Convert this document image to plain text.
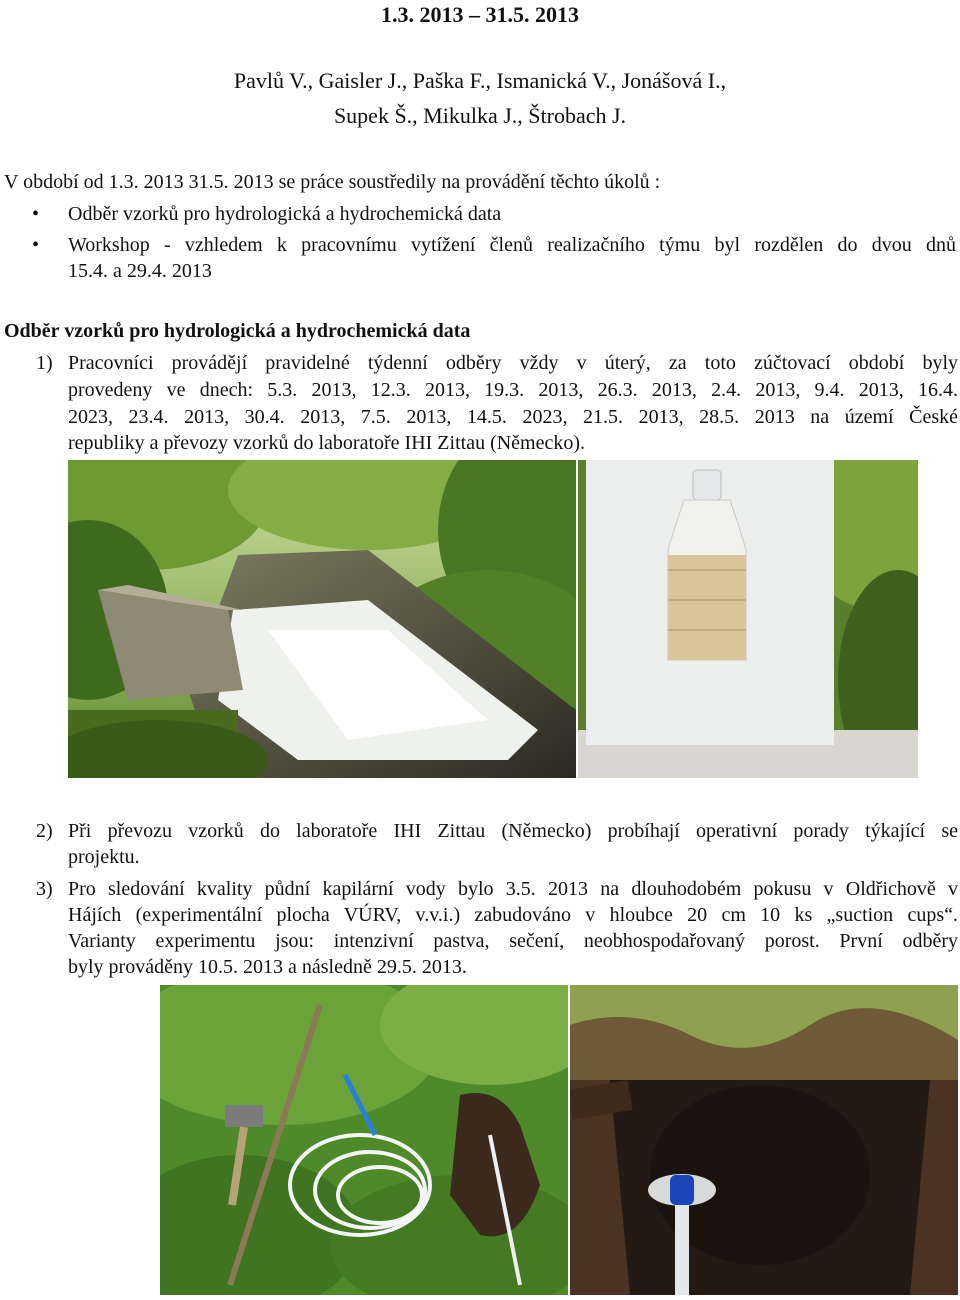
1.3. 2013 – 31.5. 2013
Pavlů V., Gaisler J., Paška F., Ismanická V., Jonášová I.,
Supek Š., Mikulka J., Štrobach J.
V období od 1.3. 2013 31.5. 2013 se práce soustředily na provádění těchto úkolů :
• Odběr vzorků pro hydrologická a hydrochemická data
• Workshop - vzhledem k pracovnímu vytížení členů realizačního týmu byl rozdělen do dvou dnů
15.4. a 29.4. 2013
Odběr vzorků pro hydrologická a hydrochemická data
1) Pracovníci provádějí pravidelné týdenní odběry vždy v úterý, za toto zúčtovací období byly
provedeny ve dnech: 5.3. 2013, 12.3. 2013, 19.3. 2013, 26.3. 2013, 2.4. 2013, 9.4. 2013, 16.4.
2023, 23.4. 2013, 30.4. 2013, 7.5. 2013, 14.5. 2023, 21.5. 2013, 28.5. 2013 na území České
republiky a převozy vzorků do laboratoře IHI Zittau (Německo).
2) Při převozu vzorků do laboratoře IHI Zittau (Německo) probíhají operativní porady týkající se
projektu.
3) Pro sledování kvality půdní kapilární vody bylo 3.5. 2013 na dlouhodobém pokusu v Oldřichově v
Hájích (experimentální plocha VÚRV, v.v.i.) zabudováno v hloubce 20 cm 10 ks „suction cups“.
Varianty experimentu jsou: intenzivní pastva, sečení, neobhospodařovaný porost. První odběry
byly prováděny 10.5. 2013 a následně 29.5. 2013.
